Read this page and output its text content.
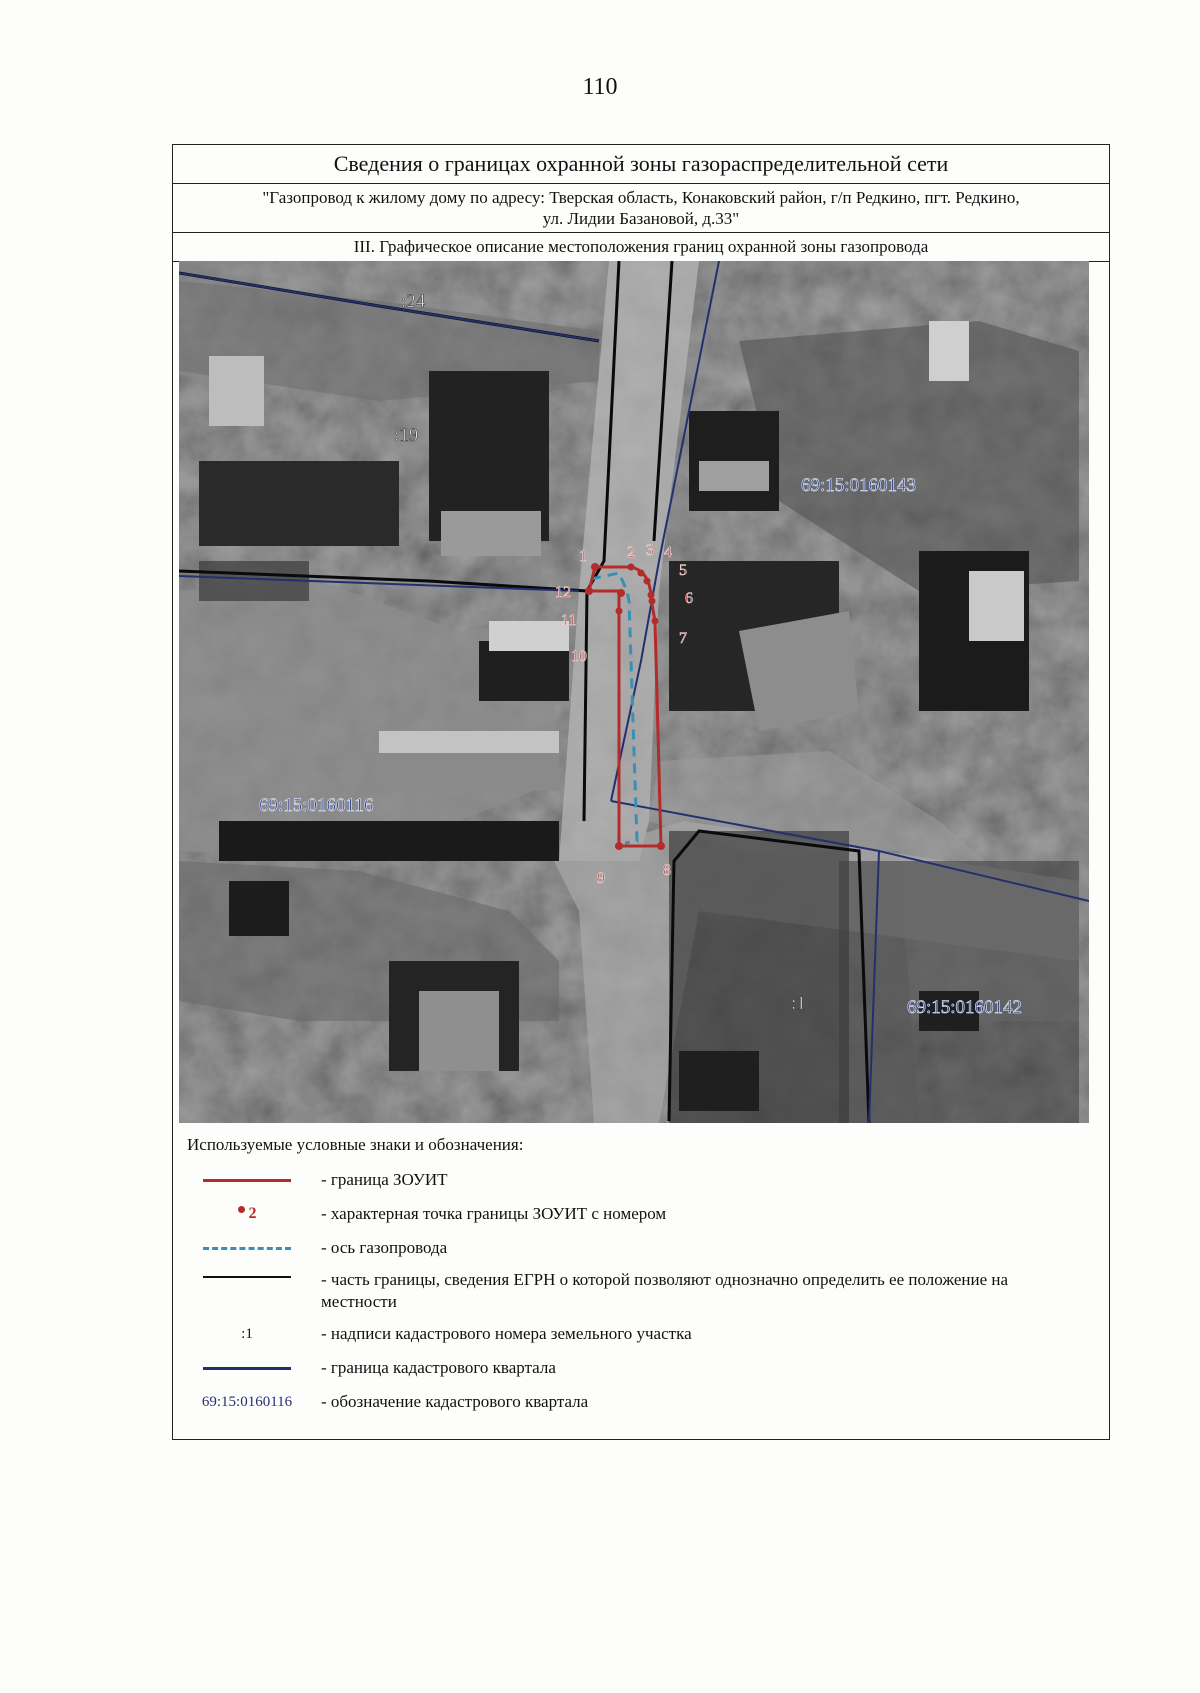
110
Сведения о границах охранной зоны газораспределительной сети
"Газопровод к жилому дому по адресу: Тверская область, Конаковский район, г/п Редкино, пгт. Редкино,
ул. Лидии Базановой, д.33"
III. Графическое описание местоположения границ охранной зоны газопровода
1	2 3 4
5
6
7
8
9
10
11
12
:24
:19
:1
69:15:0160143
69:15:0160116
69:15:0160142
Используемые условные знаки и обозначения:
- граница ЗОУИТ
2	- характерная точка границы ЗОУИТ с номером
- ось газопровода
- часть границы, сведения ЕГРН о которой позволяют однозначно определить ее положение на местности
:1	- надписи кадастрового номера земельного участка
- граница кадастрового квартала
69:15:0160116 - обозначение кадастрового квартала
